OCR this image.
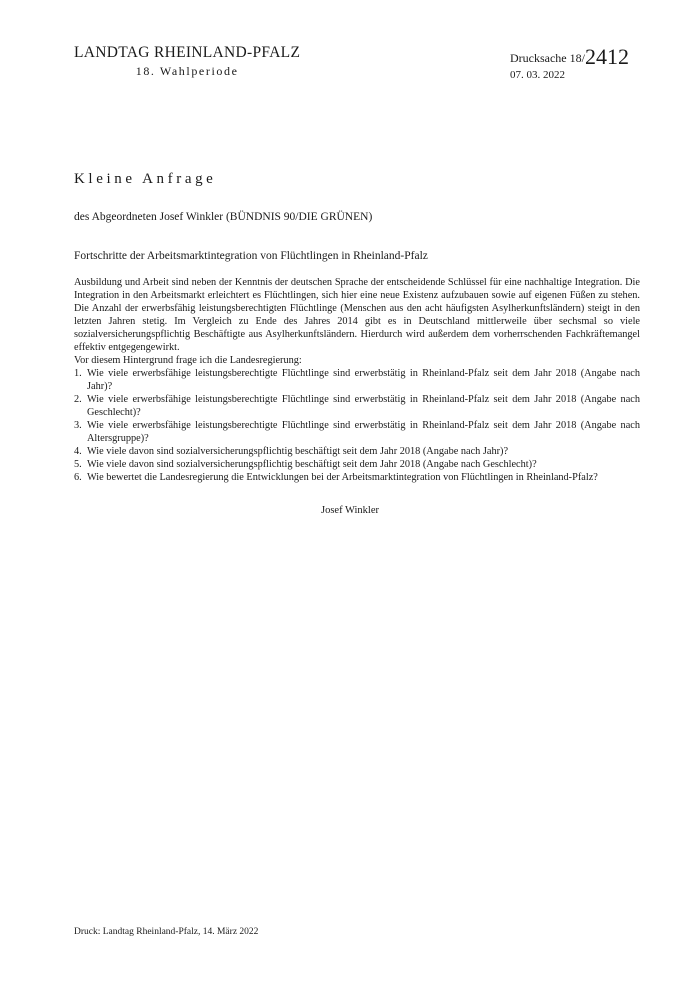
LANDTAG RHEINLAND-PFALZ
18. Wahlperiode
Drucksache 18/2412
07. 03. 2022
Kleine Anfrage
des Abgeordneten Josef Winkler (BÜNDNIS 90/DIE GRÜNEN)
Fortschritte der Arbeitsmarktintegration von Flüchtlingen in Rheinland-Pfalz

Ausbildung und Arbeit sind neben der Kenntnis der deutschen Sprache der entscheidende Schlüssel für eine nachhaltige Integration. Die Integration in den Arbeitsmarkt erleichtert es Flüchtlingen, sich hier eine neue Existenz aufzubauen sowie auf eigenen Füßen zu stehen. Die Anzahl der erwerbsfähig leistungsberechtigten Flüchtlinge (Menschen aus den acht häufigsten Asylherkunftsländern) steigt in den letzten Jahren stetig. Im Vergleich zu Ende des Jahres 2014 gibt es in Deutschland mittlerweile über sechsmal so viele sozialversicherungspflichtig Beschäftigte aus Asylherkunftsländern. Hierdurch wird außerdem dem vorherrschenden Fachkräftemangel effektiv entgegengewirkt.

Vor diesem Hintergrund frage ich die Landesregierung:

1. Wie viele erwerbsfähige leistungsberechtigte Flüchtlinge sind erwerbstätig in Rheinland-Pfalz seit dem Jahr 2018 (Angabe nach Jahr)?
2. Wie viele erwerbsfähige leistungsberechtigte Flüchtlinge sind erwerbstätig in Rheinland-Pfalz seit dem Jahr 2018 (Angabe nach Geschlecht)?
3. Wie viele erwerbsfähige leistungsberechtigte Flüchtlinge sind erwerbstätig in Rheinland-Pfalz seit dem Jahr 2018 (Angabe nach Altersgruppe)?
4. Wie viele davon sind sozialversicherungspflichtig beschäftigt seit dem Jahr 2018 (Angabe nach Jahr)?
5. Wie viele davon sind sozialversicherungspflichtig beschäftigt seit dem Jahr 2018 (Angabe nach Geschlecht)?
6. Wie bewertet die Landesregierung die Entwicklungen bei der Arbeitsmarktintegration von Flüchtlingen in Rheinland-Pfalz?
Josef Winkler
Druck: Landtag Rheinland-Pfalz, 14. März 2022
